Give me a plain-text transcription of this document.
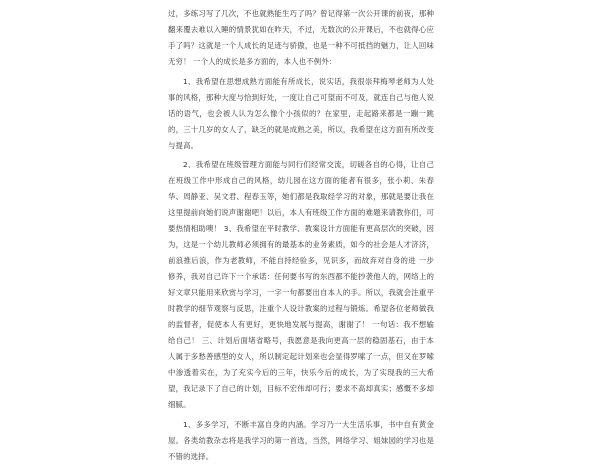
过，多练习写了几次，不也就熟能生巧了吗？曾记得第一次公开课的前夜，那种翻来覆去难以入睡的情景犹如在昨天，不过，无数次的公开课后，不也就得心应手了吗？这就是一个人成长的足迹与骄傲，也是一种不可抵挡的魅力，让人回味无穷！ 一个人的成长是多方面的，本人也不例外：

1、我希望在思想成熟方面能有所成长，说实话，我很崇拜梅琴老师为人处事的风格，那种大度与恰到好处，一度让自己可望而不可及，就连自己与他人说话的语气，也会被人认为怎么像个小孩似的？在家里，走起路来都是一蹦一跳的，三十几岁的女人了，缺乏的就是成熟之美，所以，我希望在这方面有所改变与提高。

2、我希望在班级管理方面能与同行们经常交流，切磋各自的心得，让自己在班级工作中形成自己的风格，幼儿园在这方面的能者有很多，张小莉、朱春华、周静亚、吴文君、程春玉等，她们都是我取经学习的对象，那就是要让我在这里提前向她们说声谢谢吧！以后，本人有班级工作方面的难题来请教你们，可要热情相助噢！ 3、我希望在平时教学、教案设计方面能有更高层次的突破，因为，这是一个幼儿教师必须拥有的最基本的业务素质，如今的社会是人才济济，前浪推后浪，作为老教师，不能自持经验多，见识多，而故弃对自身的进 一步修养，我对自己许下一个承诺：任何要书写的东西都不能抄袭他人的，网络上的好文章只能用来欣赏与学习，一字一句都要出自本人的手。所以，我就会注重平时教学的细节观察与反思，注重个人设计教案的过程与锻炼。希望各位老师做我的监督者，促使本人有更好，更快地发展与提高，谢谢了！ 一句话：我不想输给自己！ 三、计划后面堵省略号，我愿意是我向更高一层的稳固基石，由于本人属于多愁善感型的女人，所以制定起计划来也会显得罗嗦了一点，但又在罗嗦中渗透着实在，为了充实今后的三年，快乐今后的成长，为了实现我的三大希望，我记录下了自己的计划，目标不宏伟却可行；要求不高却真实；感慨不多却细腻。

1、多多学习，不断丰富自身的内涵。学习乃一大生活乐事，书中自有黄金屋。各类幼教杂志将是我学习的第一首选，当然，网络学习、姐妹园的学习也是不错的选择。
